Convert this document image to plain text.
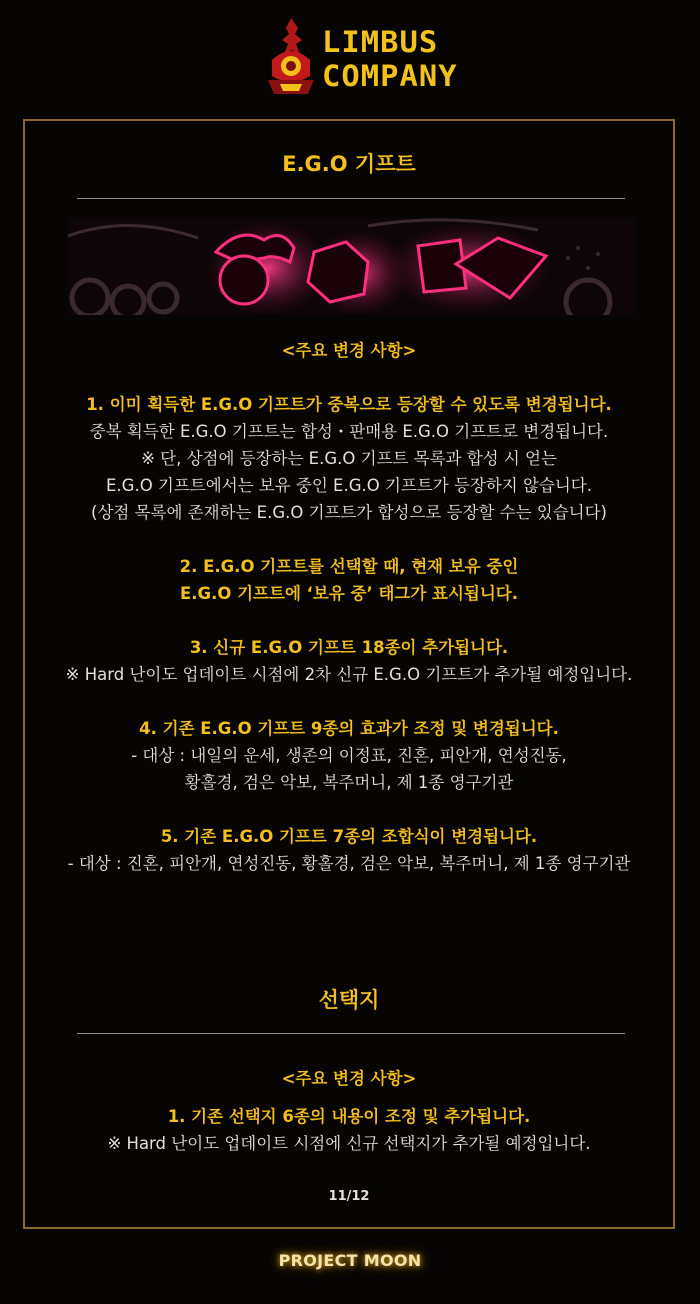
LIMBUS
COMPANY
E.G.O 기프트
<주요 변경 사항>
1. 이미 획득한 E.G.O 기프트가 중복으로 등장할 수 있도록 변경됩니다.
중복 획득한 E.G.O 기프트는 합성・판매용 E.G.O 기프트로 변경됩니다.
※ 단, 상점에 등장하는 E.G.O 기프트 목록과 합성 시 얻는
E.G.O 기프트에서는 보유 중인 E.G.O 기프트가 등장하지 않습니다.
(상점 목록에 존재하는 E.G.O 기프트가 합성으로 등장할 수는 있습니다)
2. E.G.O 기프트를 선택할 때, 현재 보유 중인
E.G.O 기프트에 ‘보유 중’ 태그가 표시됩니다.
3. 신규 E.G.O 기프트 18종이 추가됩니다.
※ Hard 난이도 업데이트 시점에 2차 신규 E.G.O 기프트가 추가될 예정입니다.
4. 기존 E.G.O 기프트 9종의 효과가 조정 및 변경됩니다.
- 대상 : 내일의 운세, 생존의 이정표, 진혼, 피안개, 연성진동,
황홀경, 검은 악보, 복주머니, 제 1종 영구기관
5. 기존 E.G.O 기프트 7종의 조합식이 변경됩니다.
- 대상 : 진혼, 피안개, 연성진동, 황홀경, 검은 악보, 복주머니, 제 1종 영구기관
선택지
<주요 변경 사항>
1. 기존 선택지 6종의 내용이 조정 및 추가됩니다.
※ Hard 난이도 업데이트 시점에 신규 선택지가 추가될 예정입니다.
11/12
PROJECT MOON
